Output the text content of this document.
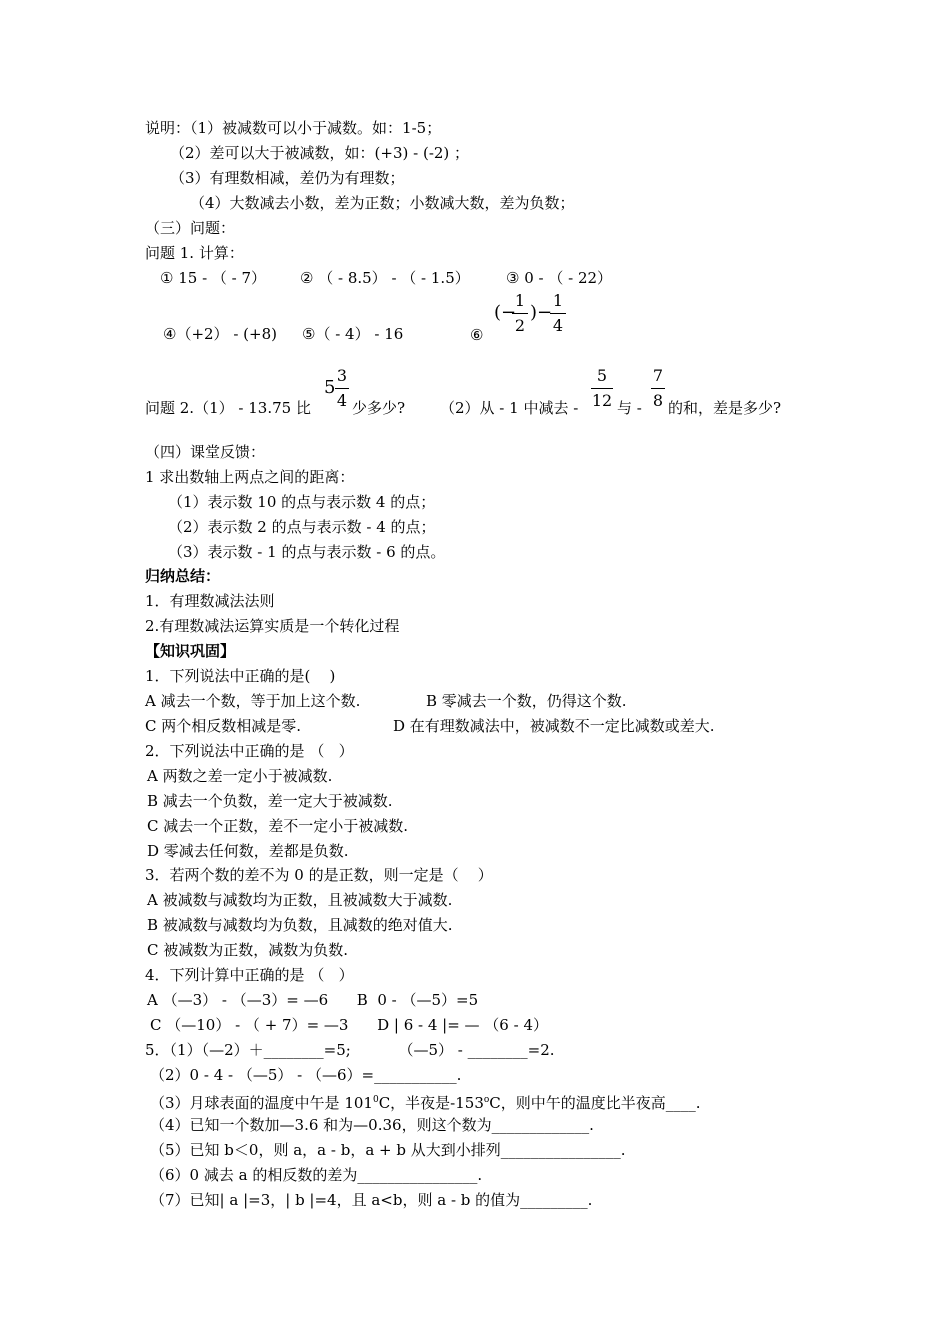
说明：（1）被减数可以小于减数。如：1-5；
（2）差可以大于被减数，如：(+3) - (-2) ；
（3）有理数相减，差仍为有理数；
（4）大数减去小数，差为正数；小数减大数，差为负数；
（三）问题：
问题 1. 计算：
① 15 - （ - 7） ② （ - 8.5） - （ - 1.5） ③ 0 - （ - 22）
④（+2） - (+8) ⑤（ - 4） - 16	⑥
(−
1
2
)−
1
4
问题 2.（1） - 13.75 比
5
3
4 少多少? （2）从 - 1 中减去 -
5
12 与 -
7
8 的和，差是多少?
（四）课堂反馈：
1 求出数轴上两点之间的距离：
（1）表示数 10 的点与表示数 4 的点；
（2）表示数 2 的点与表示数 - 4 的点；
（3）表示数 - 1 的点与表示数 - 6 的点。
归纳总结：
1．有理数减法法则
2.有理数减法运算实质是一个转化过程
【知识巩固】
1．下列说法中正确的是(    )
A 减去一个数，等于加上这个数.	B 零减去一个数，仍得这个数.
C 两个相反数相减是零.	D 在有理数减法中，被减数不一定比减数或差大.
2．下列说法中正确的是 （   ）
A 两数之差一定小于被减数.
B 减去一个负数，差一定大于被减数.
C 减去一个正数，差不一定小于被减数.
D 零减去任何数，差都是负数.
3．若两个数的差不为 0 的是正数，则一定是（    ）
A 被减数与减数均为正数，且被减数大于减数.
B 被减数与减数均为负数，且减数的绝对值大.
C 被减数为正数，减数为负数.
4．下列计算中正确的是 （   ）
A （—3） - （—3）= —6      B  0 - （—5）=5
C （—10） - （ + 7）= —3      D | 6 - 4 |= — （6 - 4）
5．（1）（—2）＋________=5;          （—5） - ________=2.
（2）0 - 4 - （—5） - （—6）=___________.
（3）月球表面的温度中午是 $101^0C$，半夜是-153$^o$C，则中午的温度比半夜高____.
（4）已知一个数加—3.6 和为—0.36，则这个数为_____________.
（5）已知 b＜0，则 a，a - b，a + b 从大到小排列________________.
（6）0 减去 a 的相反数的差为________________.
（7）已知| a |=3，| b |=4，且 a<b，则 a - b 的值为_________.
